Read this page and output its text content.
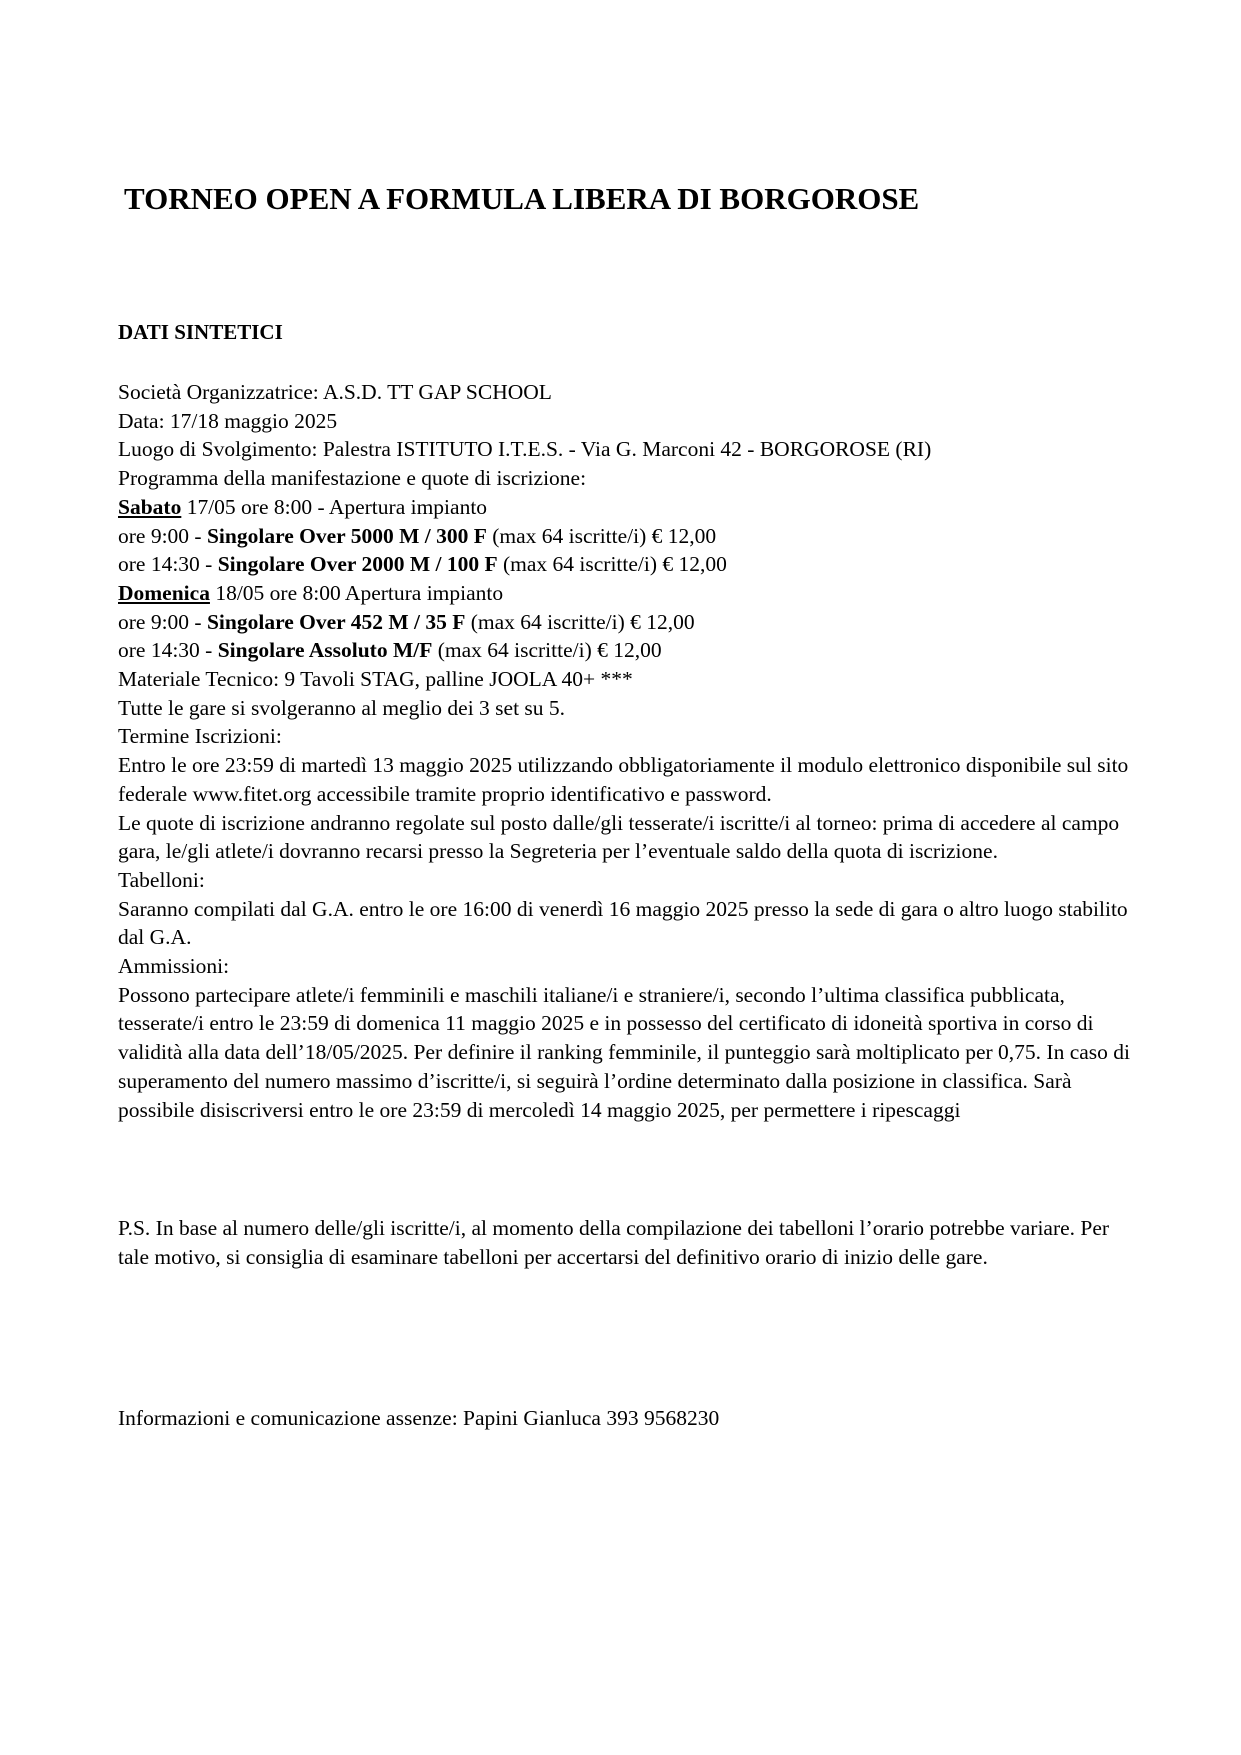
TORNEO OPEN A FORMULA LIBERA DI BORGOROSE
DATI SINTETICI
Società Organizzatrice: A.S.D. TT GAP SCHOOL
Data: 17/18 maggio 2025
Luogo di Svolgimento: Palestra ISTITUTO I.T.E.S. - Via G. Marconi 42 - BORGOROSE (RI)
Programma della manifestazione e quote di iscrizione:
Sabato 17/05 ore 8:00 - Apertura impianto
ore 9:00 - Singolare Over 5000 M / 300 F (max 64 iscritte/i) € 12,00
ore 14:30 - Singolare Over 2000 M / 100 F (max 64 iscritte/i) € 12,00
Domenica 18/05 ore 8:00 Apertura impianto
ore 9:00 - Singolare Over 452 M / 35 F (max 64 iscritte/i) € 12,00
ore 14:30 - Singolare Assoluto M/F (max 64 iscritte/i) € 12,00
Materiale Tecnico: 9 Tavoli STAG, palline JOOLA 40+ ***
Tutte le gare si svolgeranno al meglio dei 3 set su 5.
Termine Iscrizioni:
Entro le ore 23:59 di martedì 13 maggio 2025 utilizzando obbligatoriamente il modulo elettronico disponibile sul sito federale www.fitet.org accessibile tramite proprio identificativo e password.
Le quote di iscrizione andranno regolate sul posto dalle/gli tesserate/i iscritte/i al torneo: prima di accedere al campo gara, le/gli atlete/i dovranno recarsi presso la Segreteria per l’eventuale saldo della quota di iscrizione.
Tabelloni:
Saranno compilati dal G.A. entro le ore 16:00 di venerdì 16 maggio 2025 presso la sede di gara o altro luogo stabilito dal G.A.
Ammissioni:
Possono partecipare atlete/i femminili e maschili italiane/i e straniere/i, secondo l’ultima classifica pubblicata, tesserate/i entro le 23:59 di domenica 11 maggio 2025 e in possesso del certificato di idoneità sportiva in corso di validità alla data dell’18/05/2025. Per definire il ranking femminile, il punteggio sarà moltiplicato per 0,75. In caso di superamento del numero massimo d’iscritte/i, si seguirà l’ordine determinato dalla posizione in classifica. Sarà possibile disiscriversi entro le ore 23:59 di mercoledì 14 maggio 2025, per permettere i ripescaggi
P.S. In base al numero delle/gli iscritte/i, al momento della compilazione dei tabelloni l’orario potrebbe variare. Per tale motivo, si consiglia di esaminare tabelloni per accertarsi del definitivo orario di inizio delle gare.
Informazioni e comunicazione assenze: Papini Gianluca 393 9568230
